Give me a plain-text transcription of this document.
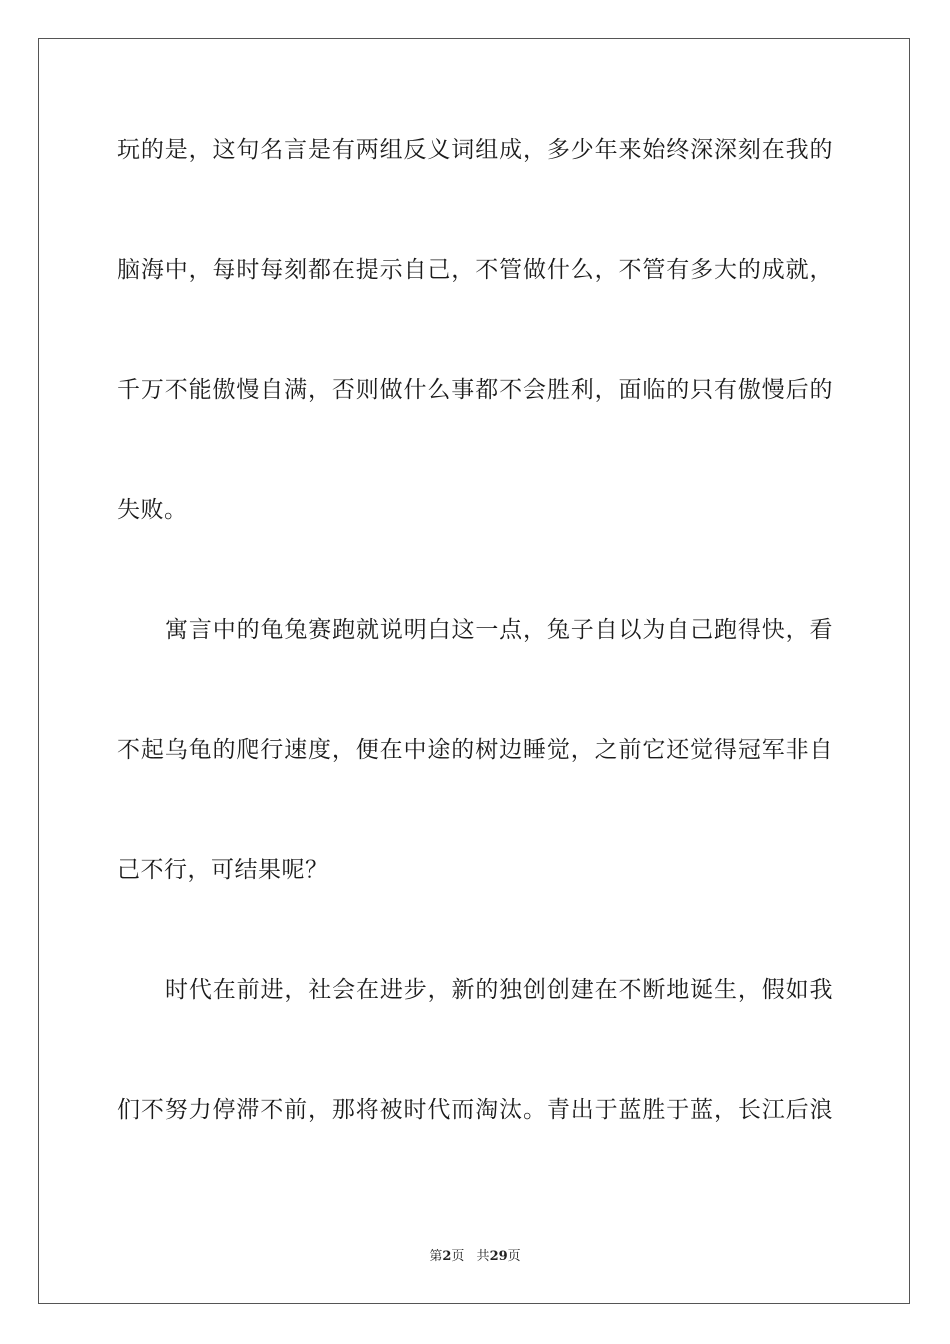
玩的是，这句名言是有两组反义词组成，多少年来始终深深刻在我的
脑海中，每时每刻都在提示自己，不管做什么，不管有多大的成就，
千万不能傲慢自满，否则做什么事都不会胜利，面临的只有傲慢后的
失败。
寓言中的龟兔赛跑就说明白这一点，兔子自以为自己跑得快，看
不起乌龟的爬行速度，便在中途的树边睡觉，之前它还觉得冠军非自
己不行，可结果呢？
时代在前进，社会在进步，新的独创创建在不断地诞生，假如我
们不努力停滞不前，那将被时代而淘汰。青出于蓝胜于蓝，长江后浪
第2页 共29页
